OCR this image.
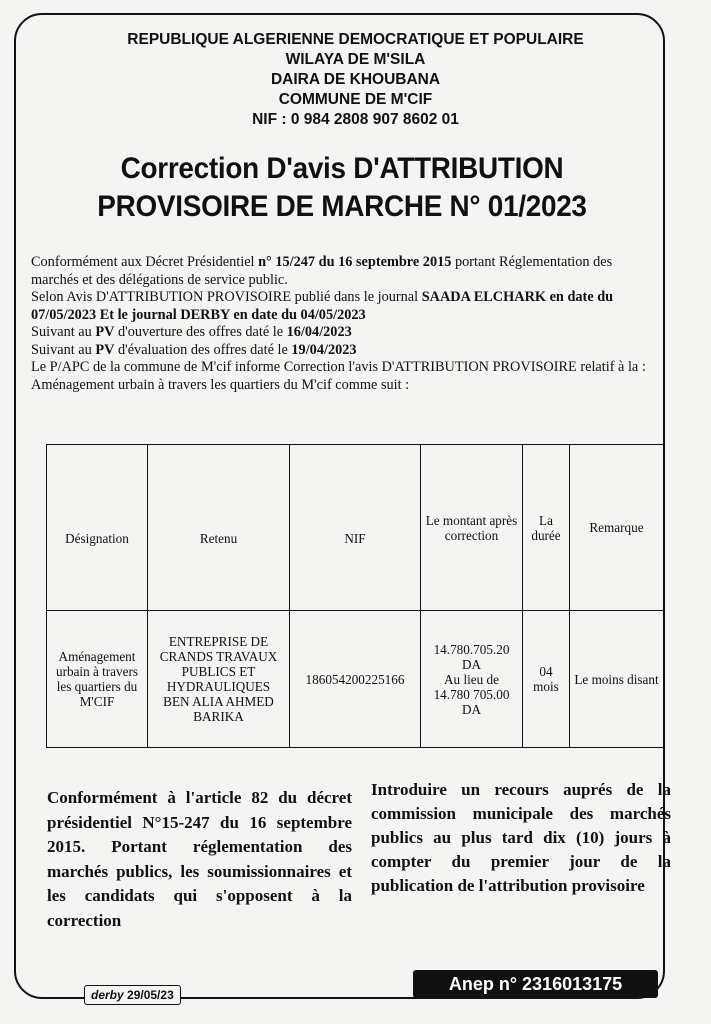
REPUBLIQUE ALGERIENNE DEMOCRATIQUE ET POPULAIRE
WILAYA DE M'SILA
DAIRA DE KHOUBANA
COMMUNE DE M'CIF
NIF : 0 984 2808 907 8602 01
Correction D'avis D'ATTRIBUTION
PROVISOIRE DE MARCHE N° 01/2023

Conformément aux Décret Présidentiel n° 15/247 du 16 septembre 2015 portant Réglementation des marchés et des délégations de service public.

Selon Avis D'ATTRIBUTION PROVISOIRE publié dans le journal SAADA ELCHARK en date du 07/05/2023 Et le journal DERBY en date du 04/05/2023

Suivant au PV d'ouverture des offres daté le 16/04/2023

Suivant au PV d'évaluation des offres daté le 19/04/2023

Le P/APC de la commune de M'cif informe Correction l'avis D'ATTRIBUTION PROVISOIRE relatif à la : Aménagement urbain à travers les quartiers du M'cif comme suit :

Désignation	Retenu	NIF	Le montant après correction	La durée	Remarque
Aménagement urbain à travers les quartiers du M'CIF	ENTREPRISE DE CRANDS TRAVAUX PUBLICS ET HYDRAULIQUES BEN ALIA AHMED BARIKA	186054200225166	14.780.705.20
DA
Au lieu de
14.780 705.00
DA	04 mois	Le moins disant
Conformément à l'article 82 du décret présidentiel N°15-247 du 16 septembre 2015. Portant réglementation des marchés publics, les soumissionnaires et les candidats qui s'opposent à la correction
Introduire un recours auprés de la commission municipale des marchés publics au plus tard dix (10) jours à compter du premier jour de la publication de l'attribution provisoire
derby 29/05/23
Anep n° 2316013175
